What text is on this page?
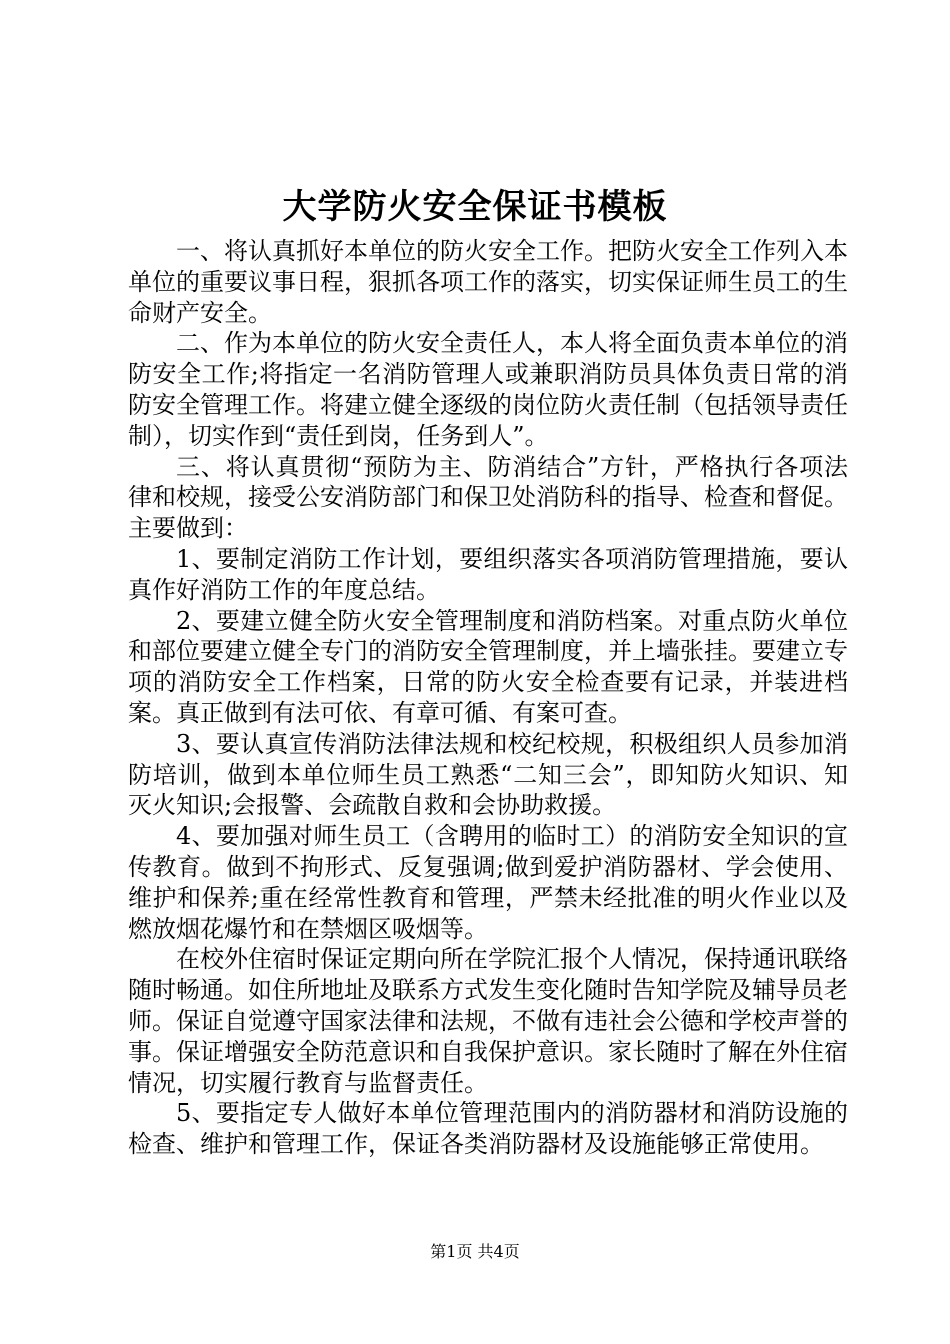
大学防火安全保证书模板

一、将认真抓好本单位的防火安全工作。把防火安全工作列入本单位的重要议事日程，狠抓各项工作的落实，切实保证师生员工的生命财产安全。

二、作为本单位的防火安全责任人，本人将全面负责本单位的消防安全工作;将指定一名消防管理人或兼职消防员具体负责日常的消防安全管理工作。将建立健全逐级的岗位防火责任制（包括领导责任制），切实作到“责任到岗，任务到人”。

三、将认真贯彻“预防为主、防消结合”方针，严格执行各项法律和校规，接受公安消防部门和保卫处消防科的指导、检查和督促。主要做到：

1、要制定消防工作计划，要组织落实各项消防管理措施，要认真作好消防工作的年度总结。

2、要建立健全防火安全管理制度和消防档案。对重点防火单位和部位要建立健全专门的消防安全管理制度，并上墙张挂。要建立专项的消防安全工作档案，日常的防火安全检查要有记录，并装进档案。真正做到有法可依、有章可循、有案可查。

3、要认真宣传消防法律法规和校纪校规，积极组织人员参加消防培训，做到本单位师生员工熟悉“二知三会”，即知防火知识、知灭火知识;会报警、会疏散自救和会协助救援。

4、要加强对师生员工（含聘用的临时工）的消防安全知识的宣传教育。做到不拘形式、反复强调;做到爱护消防器材、学会使用、维护和保养;重在经常性教育和管理，严禁未经批准的明火作业以及燃放烟花爆竹和在禁烟区吸烟等。

在校外住宿时保证定期向所在学院汇报个人情况，保持通讯联络随时畅通。如住所地址及联系方式发生变化随时告知学院及辅导员老师。保证自觉遵守国家法律和法规，不做有违社会公德和学校声誉的事。保证增强安全防范意识和自我保护意识。家长随时了解在外住宿情况，切实履行教育与监督责任。

5、要指定专人做好本单位管理范围内的消防器材和消防设施的检查、维护和管理工作，保证各类消防器材及设施能够正常使用。

第1页 共4页
